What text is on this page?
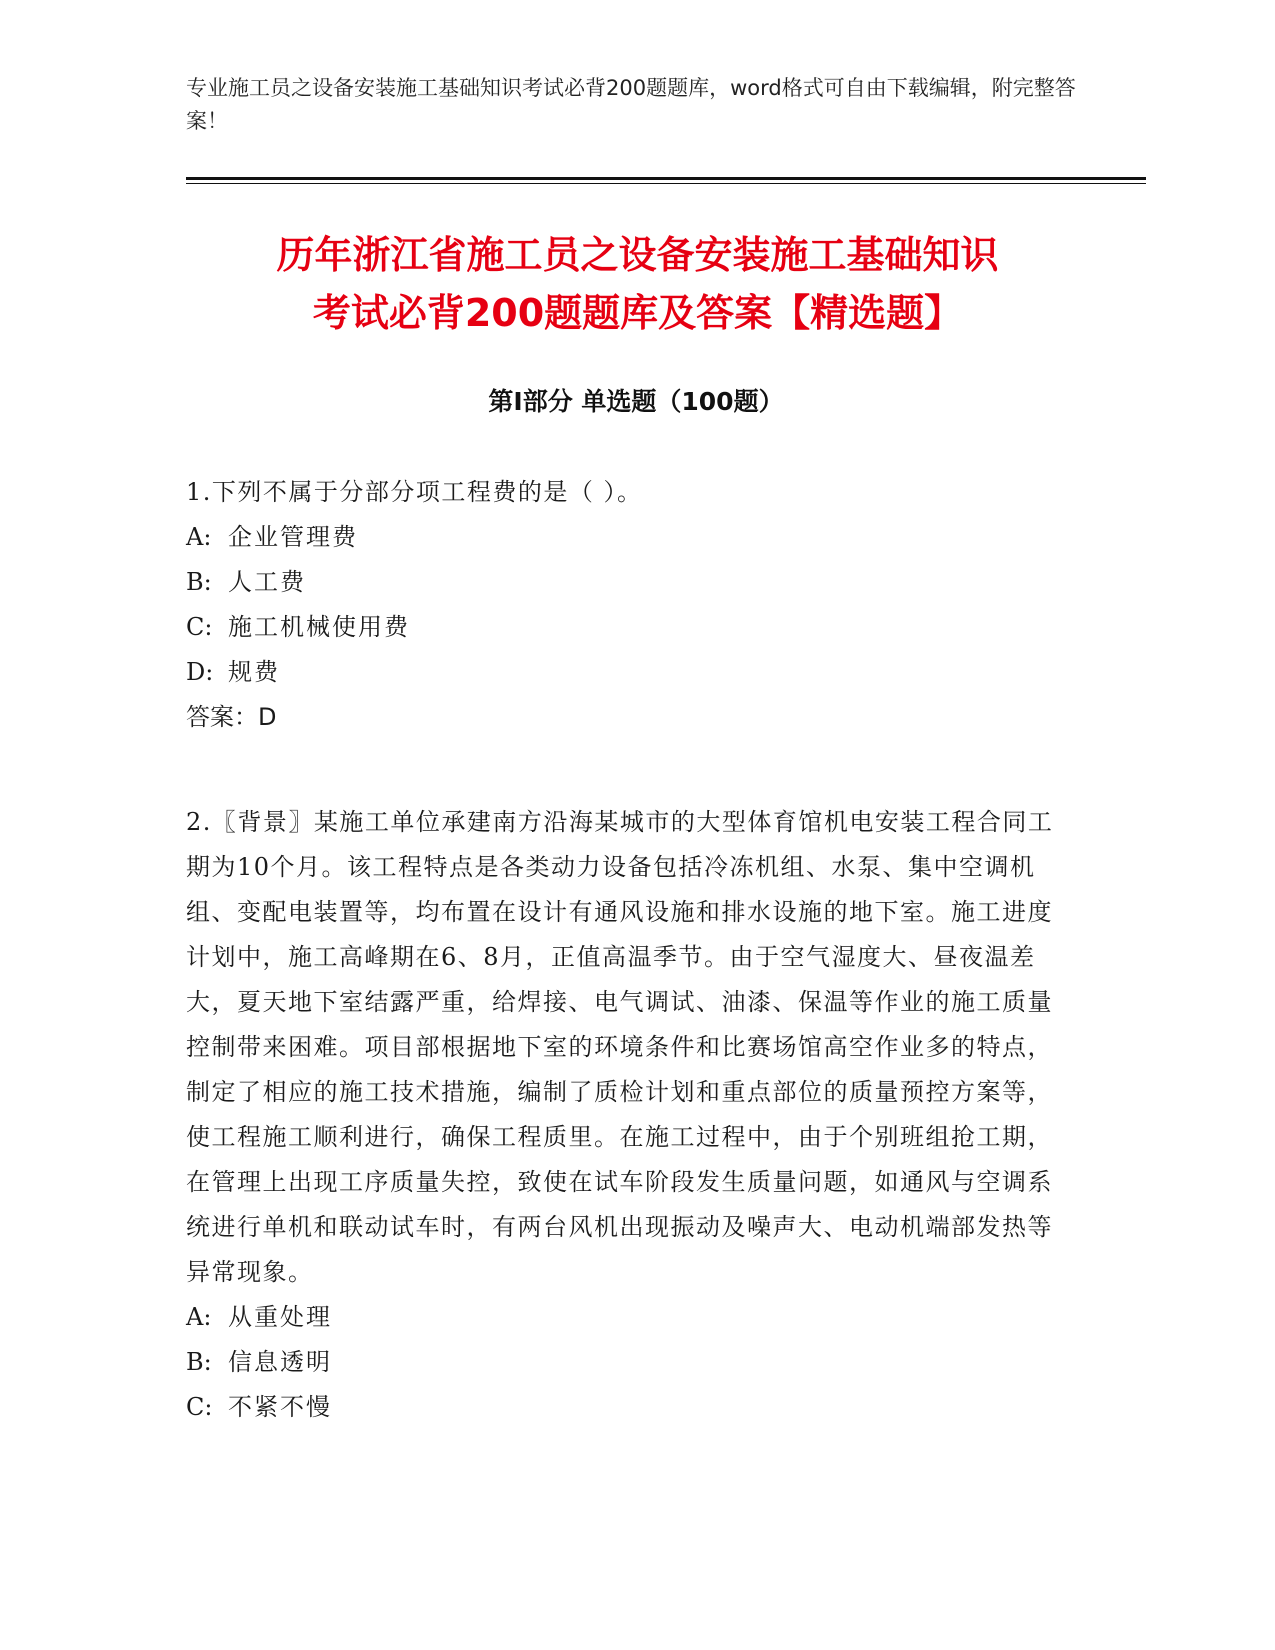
专业施工员之设备安装施工基础知识考试必背200题题库，word格式可自由下载编辑，附完整答案！
历年浙江省施工员之设备安装施工基础知识
考试必背200题题库及答案【精选题】
第I部分 单选题（100题）

1.下列不属于分部分项工程费的是（ ）。

A: 企业管理费

B: 人工费

C: 施工机械使用费

D: 规费

答案：D

2.〖背景〗某施工单位承建南方沿海某城市的大型体育馆机电安装工程合同工期为10个月。该工程特点是各类动力设备包括冷冻机组、水泵、集中空调机组、变配电装置等，均布置在设计有通风设施和排水设施的地下室。施工进度计划中，施工高峰期在6、8月，正值高温季节。由于空气湿度大、昼夜温差大，夏天地下室结露严重，给焊接、电气调试、油漆、保温等作业的施工质量控制带来困难。项目部根据地下室的环境条件和比赛场馆高空作业多的特点，制定了相应的施工技术措施，编制了质检计划和重点部位的质量预控方案等，使工程施工顺利进行，确保工程质里。在施工过程中，由于个别班组抢工期，在管理上出现工序质量失控，致使在试车阶段发生质量问题，如通风与空调系统进行单机和联动试车时，有两台风机出现振动及噪声大、电动机端部发热等异常现象。

A: 从重处理

B: 信息透明

C: 不紧不慢
